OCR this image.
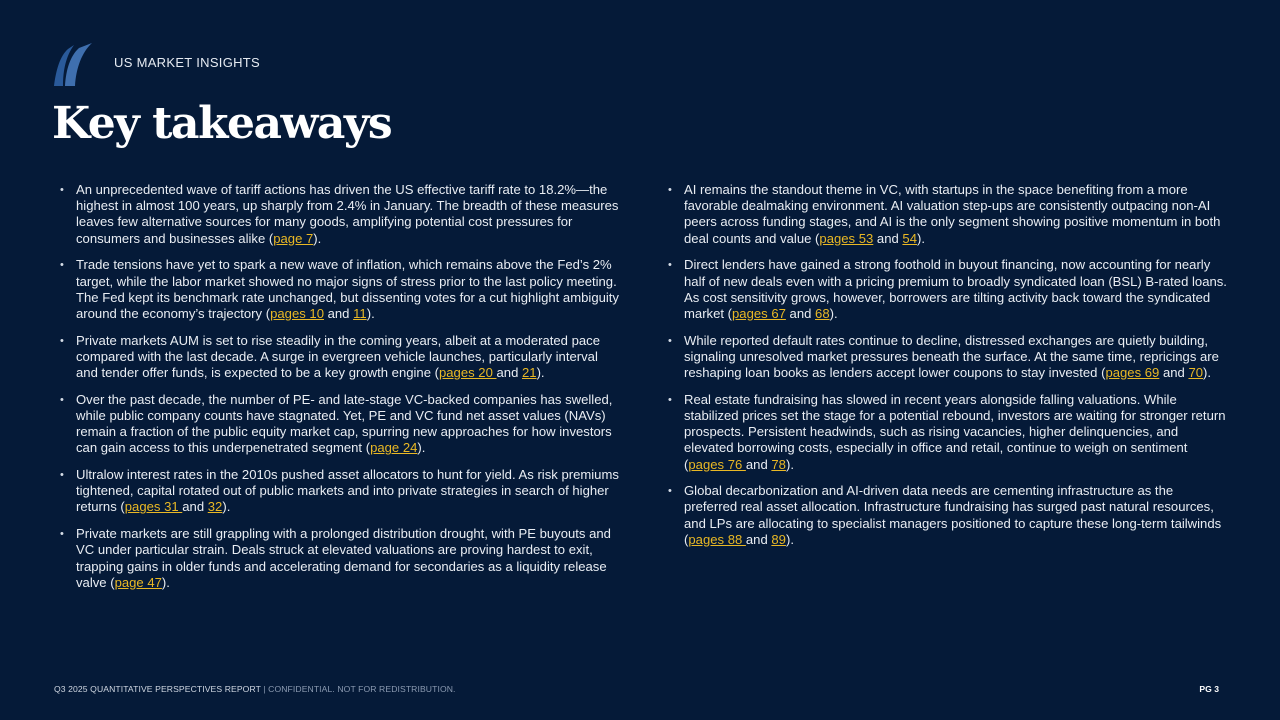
US MARKET INSIGHTS
Key takeaways
• An unprecedented wave of tariff actions has driven the US effective tariff rate to 18.2%—the highest in almost 100 years, up sharply from 2.4% in January. The breadth of these measures leaves few alternative sources for many goods, amplifying potential cost pressures for consumers and businesses alike (page 7).
• Trade tensions have yet to spark a new wave of inflation, which remains above the Fed’s 2% target, while the labor market showed no major signs of stress prior to the last policy meeting. The Fed kept its benchmark rate unchanged, but dissenting votes for a cut highlight ambiguity around the economy’s trajectory (pages 10 and 11).
• Private markets AUM is set to rise steadily in the coming years, albeit at a moderated pace compared with the last decade. A surge in evergreen vehicle launches, particularly interval and tender offer funds, is expected to be a key growth engine (pages 20 and 21).
• Over the past decade, the number of PE- and late-stage VC-backed companies has swelled, while public company counts have stagnated. Yet, PE and VC fund net asset values (NAVs) remain a fraction of the public equity market cap, spurring new approaches for how investors can gain access to this underpenetrated segment (page 24).
• Ultralow interest rates in the 2010s pushed asset allocators to hunt for yield. As risk premiums tightened, capital rotated out of public markets and into private strategies in search of higher returns (pages 31 and 32).
• Private markets are still grappling with a prolonged distribution drought, with PE buyouts and VC under particular strain. Deals struck at elevated valuations are proving hardest to exit, trapping gains in older funds and accelerating demand for secondaries as a liquidity release valve (page 47).
• AI remains the standout theme in VC, with startups in the space benefiting from a more favorable dealmaking environment. AI valuation step-ups are consistently outpacing non-AI peers across funding stages, and AI is the only segment showing positive momentum in both deal counts and value (pages 53 and 54).
• Direct lenders have gained a strong foothold in buyout financing, now accounting for nearly half of new deals even with a pricing premium to broadly syndicated loan (BSL) B-rated loans. As cost sensitivity grows, however, borrowers are tilting activity back toward the syndicated market (pages 67 and 68).
• While reported default rates continue to decline, distressed exchanges are quietly building, signaling unresolved market pressures beneath the surface. At the same time, repricings are reshaping loan books as lenders accept lower coupons to stay invested (pages 69 and 70).
• Real estate fundraising has slowed in recent years alongside falling valuations. While stabilized prices set the stage for a potential rebound, investors are waiting for stronger return prospects. Persistent headwinds, such as rising vacancies, higher delinquencies, and elevated borrowing costs, especially in office and retail, continue to weigh on sentiment (pages 76 and 78).
• Global decarbonization and AI-driven data needs are cementing infrastructure as the preferred real asset allocation. Infrastructure fundraising has surged past natural resources, and LPs are allocating to specialist managers positioned to capture these long-term tailwinds (pages 88 and 89).
Q3 2025 QUANTITATIVE PERSPECTIVES REPORT | CONFIDENTIAL. NOT FOR REDISTRIBUTION.	PG 3
